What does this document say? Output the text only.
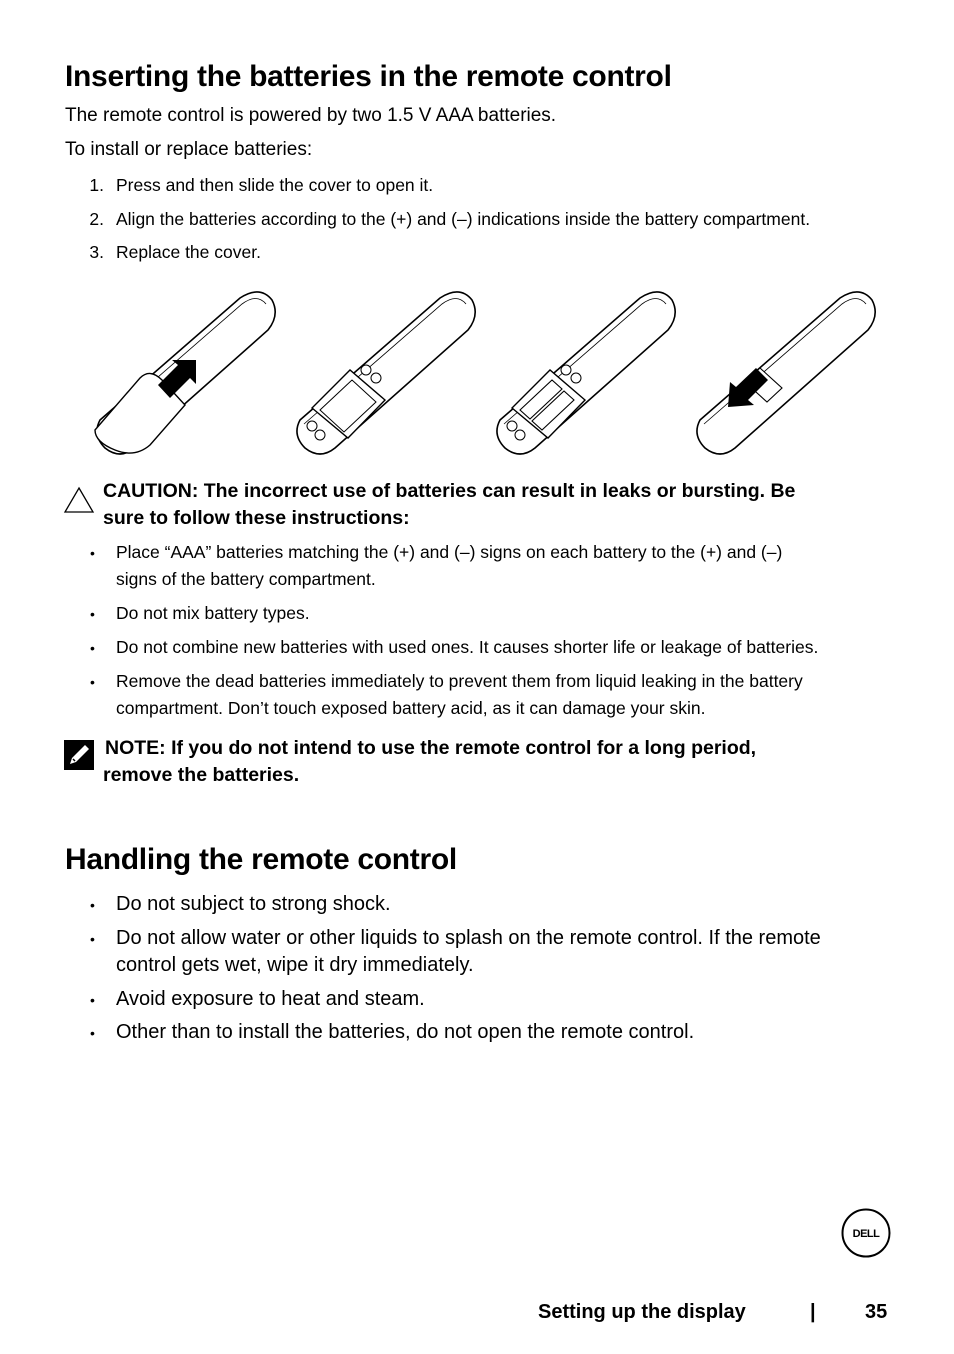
Inserting the batteries in the remote control
The remote control is powered by two 1.5 V AAA batteries.
To install or replace batteries:
1. Press and then slide the cover to open it.
2. Align the batteries according to the (+) and (–) indications inside the battery compartment.
3. Replace the cover.
CAUTION: The incorrect use of batteries can result in leaks or bursting. Be
sure to follow these instructions:
• Place “AAA” batteries matching the (+) and (–) signs on each battery to the (+) and (–)
signs of the battery compartment.
• Do not mix battery types.
• Do not combine new batteries with used ones. It causes shorter life or leakage of batteries.
• Remove the dead batteries immediately to prevent them from liquid leaking in the battery
compartment. Don’t touch exposed battery acid, as it can damage your skin.
NOTE: If you do not intend to use the remote control for a long period,
remove the batteries.
Handling the remote control
• Do not subject to strong shock.
• Do not allow water or other liquids to splash on the remote control. If the remote
control gets wet, wipe it dry immediately.
• Avoid exposure to heat and steam.
• Other than to install the batteries, do not open the remote control.
DELL
Setting up the display	| 35
